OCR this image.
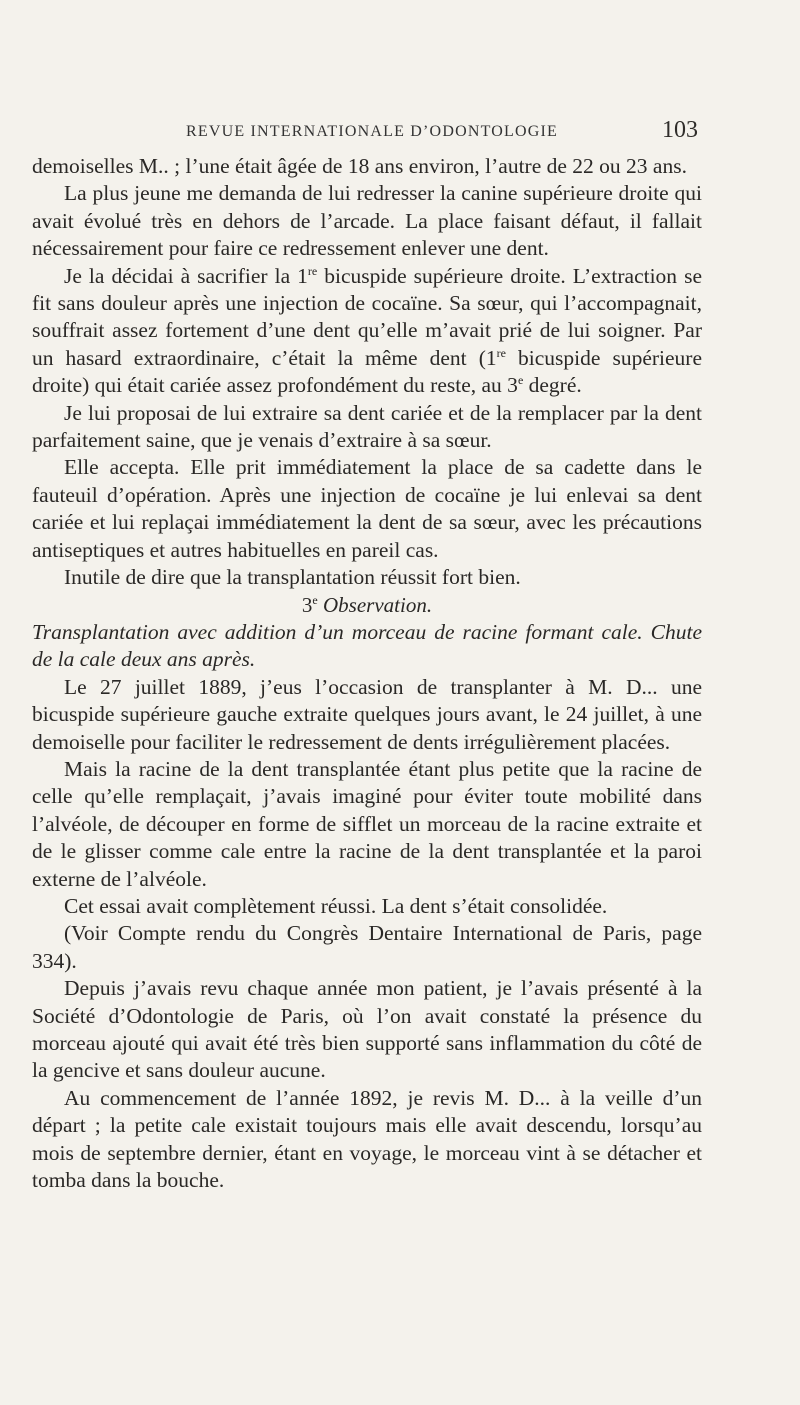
REVUE INTERNATIONALE D’ODONTOLOGIE	103

demoiselles M.. ; l’une était âgée de 18 ans environ, l’autre de 22 ou 23 ans.

La plus jeune me demanda de lui redresser la canine supérieure droite qui avait évolué très en dehors de l’arcade. La place faisant défaut, il fallait nécessairement pour faire ce redressement enlever une dent.

Je la décidai à sacrifier la 1re bicuspide supérieure droite. L’extraction se fit sans douleur après une injection de cocaïne. Sa sœur, qui l’accompagnait, souffrait assez fortement d’une dent qu’elle m’avait prié de lui soigner. Par un hasard extraordinaire, c’était la même dent (1re bicuspide supérieure droite) qui était cariée assez profondément du reste, au 3e degré.

Je lui proposai de lui extraire sa dent cariée et de la remplacer par la dent parfaitement saine, que je venais d’extraire à sa sœur.

Elle accepta. Elle prit immédiatement la place de sa cadette dans le fauteuil d’opération. Après une injection de cocaïne je lui enlevai sa dent cariée et lui replaçai immédiatement la dent de sa sœur, avec les précautions antiseptiques et autres habituelles en pareil cas.

Inutile de dire que la transplantation réussit fort bien.

3e Observation.

Transplantation avec addition d’un morceau de racine formant cale. Chute de la cale deux ans après.

Le 27 juillet 1889, j’eus l’occasion de transplanter à M. D... une bicuspide supérieure gauche extraite quelques jours avant, le 24 juillet, à une demoiselle pour faciliter le redressement de dents irrégulièrement placées.

Mais la racine de la dent transplantée étant plus petite que la racine de celle qu’elle remplaçait, j’avais imaginé pour éviter toute mobilité dans l’alvéole, de découper en forme de sifflet un morceau de la racine extraite et de le glisser comme cale entre la racine de la dent transplantée et la paroi externe de l’alvéole.

Cet essai avait complètement réussi. La dent s’était consolidée.

(Voir Compte rendu du Congrès Dentaire International de Paris, page 334).

Depuis j’avais revu chaque année mon patient, je l’avais présenté à la Société d’Odontologie de Paris, où l’on avait constaté la présence du morceau ajouté qui avait été très bien supporté sans inflammation du côté de la gencive et sans douleur aucune.

Au commencement de l’année 1892, je revis M. D... à la veille d’un départ ; la petite cale existait toujours mais elle avait descendu, lorsqu’au mois de septembre dernier, étant en voyage, le morceau vint à se détacher et tomba dans la bouche.
